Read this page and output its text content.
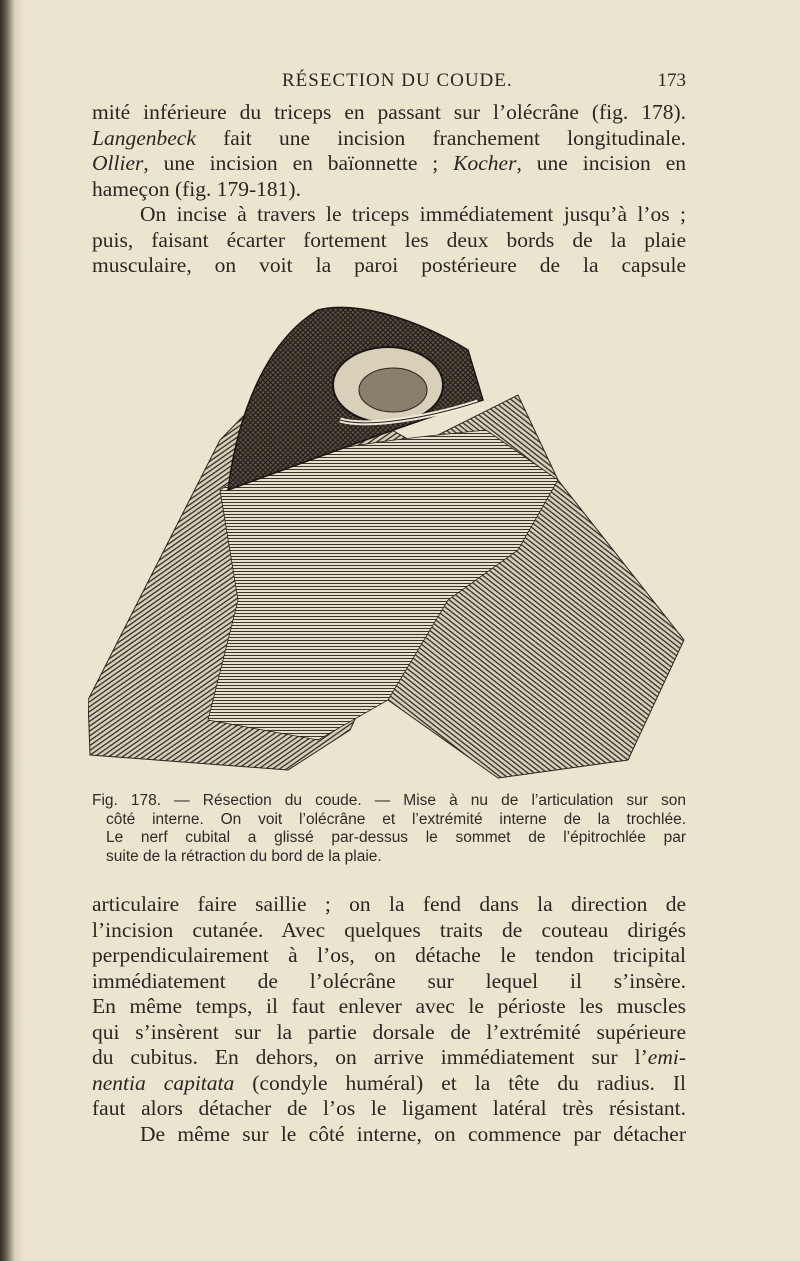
RÉSECTION DU COUDE.	173
mité inférieure du triceps en passant sur l’olécrâne (fig. 178).
Langenbeck fait une incision franchement longitudinale.
Ollier, une incision en baïonnette ; Kocher, une incision en
hameçon (fig. 179-181).
On incise à travers le triceps immédiatement jusqu’à l’os ;
puis, faisant écarter fortement les deux bords de la plaie
musculaire, on voit la paroi postérieure de la capsule
Fig. 178. — Résection du coude. — Mise à nu de l’articulation sur son
côté interne. On voit l’olécrâne et l’extrémité interne de la trochlée.
Le nerf cubital a glissé par-dessus le sommet de l’épitrochlée par
suite de la rétraction du bord de la plaie.
articulaire faire saillie ; on la fend dans la direction de
l’incision cutanée. Avec quelques traits de couteau dirigés
perpendiculairement à l’os, on détache le tendon tricipital
immédiatement de l’olécrâne sur lequel il s’insère.
En même temps, il faut enlever avec le périoste les muscles
qui s’insèrent sur la partie dorsale de l’extrémité supérieure
du cubitus. En dehors, on arrive immédiatement sur l’emi-
nentia capitata (condyle huméral) et la tête du radius. Il
faut alors détacher de l’os le ligament latéral très résistant.
De même sur le côté interne, on commence par détacher
